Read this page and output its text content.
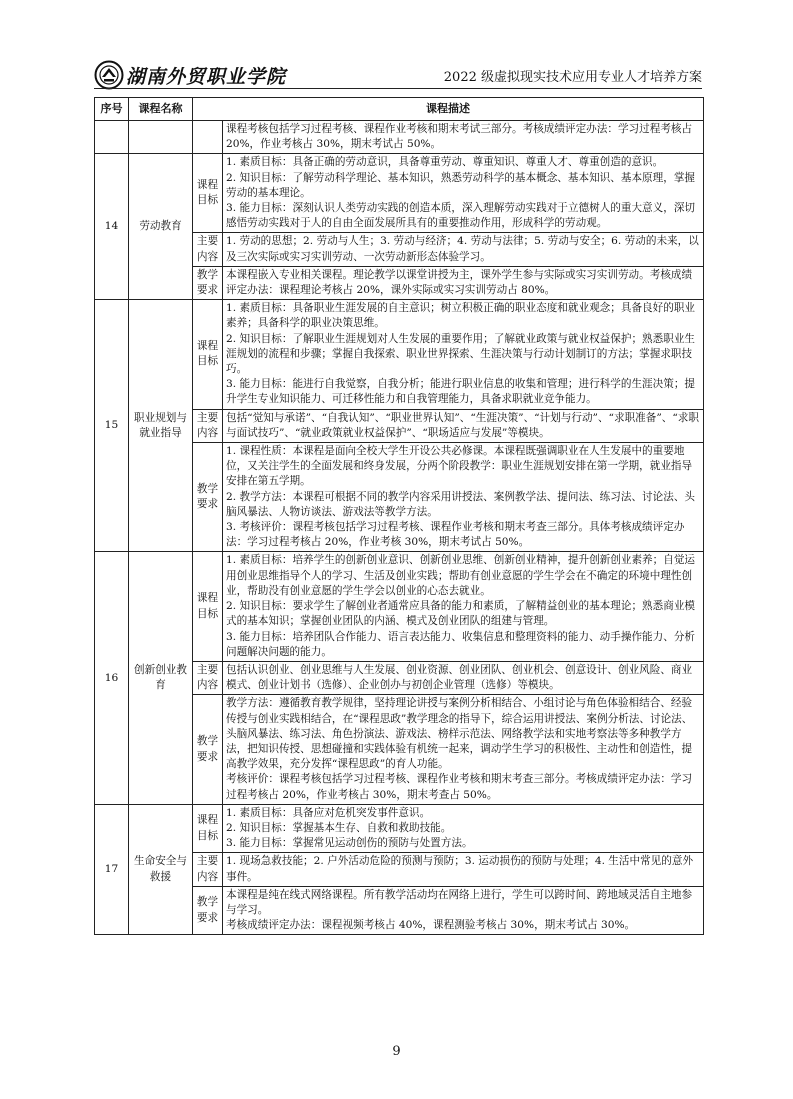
湖南外贸职业学院	2022 级虚拟现实技术应用专业人才培养方案
序号	课程名称	课程描述	
			课程考核包括学习过程考核、课程作业考核和期末考试三部分。考核成绩评定办法：学习过程考核占 20%，作业考核占 30%，期末考试占 50%。
14	劳动教育	课程目标	1. 素质目标：具备正确的劳动意识，具备尊重劳动、尊重知识、尊重人才、尊重创造的意识。

2. 知识目标：了解劳动科学理论、基本知识，熟悉劳动科学的基本概念、基本知识、基本原理，掌握劳动的基本理论。

3. 能力目标：深刻认识人类劳动实践的创造本质，深入理解劳动实践对于立德树人的重大意义，深切感悟劳动实践对于人的自由全面发展所具有的重要推动作用，形成科学的劳动观。

		主要内容	1. 劳动的思想；2. 劳动与人生；3. 劳动与经济；4. 劳动与法律；5. 劳动与安全；6. 劳动的未来，以及三次实际或实习实训劳动、一次劳动新形态体验学习。

		教学要求	本课程嵌入专业相关课程。理论教学以课堂讲授为主，课外学生参与实际或实习实训劳动。考核成绩评定办法：课程理论考核占 20%，课外实际或实习实训劳动占 80%。

15	职业规划与就业指导	课程目标	1. 素质目标：具备职业生涯发展的自主意识；树立积极正确的职业态度和就业观念；具备良好的职业素养；具备科学的职业决策思维。

2. 知识目标：了解职业生涯规划对人生发展的重要作用；了解就业政策与就业权益保护；熟悉职业生涯规划的流程和步骤；掌握自我探索、职业世界探索、生涯决策与行动计划制订的方法；掌握求职技巧。

3. 能力目标：能进行自我觉察，自我分析；能进行职业信息的收集和管理；进行科学的生涯决策；提升学生专业知识能力、可迁移性能力和自我管理能力，具备求职就业竞争能力。

		主要内容	包括“觉知与承诺”、“自我认知”、“职业世界认知”、“生涯决策”、“计划与行动”、“求职准备”、“求职与面试技巧”、“就业政策就业权益保护”、“职场适应与发展”等模块。

		教学要求	1. 课程性质：本课程是面向全校大学生开设公共必修课。本课程既强调职业在人生发展中的重要地位，又关注学生的全面发展和终身发展，分两个阶段教学：职业生涯规划安排在第一学期，就业指导安排在第五学期。

2. 教学方法：本课程可根据不同的教学内容采用讲授法、案例教学法、提问法、练习法、讨论法、头脑风暴法、人物访谈法、游戏法等教学方法。

3. 考核评价：课程考核包括学习过程考核、课程作业考核和期末考查三部分。具体考核成绩评定办法：学习过程考核占 20%，作业考核 30%，期末考试占 50%。

16	创新创业教育	课程目标	1. 素质目标：培养学生的创新创业意识、创新创业思维、创新创业精神，提升创新创业素养；自觉运用创业思维指导个人的学习、生活及创业实践；帮助有创业意愿的学生学会在不确定的环境中理性创业，帮助没有创业意愿的学生学会以创业的心态去就业。

2. 知识目标：要求学生了解创业者通常应具备的能力和素质，了解精益创业的基本理论；熟悉商业模式的基本知识；掌握创业团队的内涵、模式及创业团队的组建与管理。

3. 能力目标：培养团队合作能力、语言表达能力、收集信息和整理资料的能力、动手操作能力、分析问题解决问题的能力。

		主要内容	包括认识创业、创业思维与人生发展、创业资源、创业团队、创业机会、创意设计、创业风险、商业模式、创业计划书（选修）、企业创办与初创企业管理（选修）等模块。

		教学要求	教学方法：遵循教育教学规律，坚持理论讲授与案例分析相结合、小组讨论与角色体验相结合、经验传授与创业实践相结合，在“课程思政”教学理念的指导下，综合运用讲授法、案例分析法、讨论法、头脑风暴法、练习法、角色扮演法、游戏法、榜样示范法、网络教学法和实地考察法等多种教学方法，把知识传授、思想碰撞和实践体验有机统一起来，调动学生学习的积极性、主动性和创造性，提高教学效果，充分发挥“课程思政”的育人功能。

考核评价：课程考核包括学习过程考核、课程作业考核和期末考查三部分。考核成绩评定办法：学习过程考核占 20%，作业考核占 30%，期末考查占 50%。

17	生命安全与救援	课程目标	1. 素质目标：具备应对危机突发事件意识。

2. 知识目标：掌握基本生存、自救和救助技能。

3. 能力目标：掌握常见运动创伤的预防与处置方法。

		主要内容	1. 现场急救技能；2. 户外活动危险的预测与预防；3. 运动损伤的预防与处理；4. 生活中常见的意外事件。

		教学要求	本课程是纯在线式网络课程。所有教学活动均在网络上进行，学生可以跨时间、跨地域灵活自主地参与学习。

考核成绩评定办法：课程视频考核占 40%，课程测验考核占 30%，期末考试占 30%。

9
